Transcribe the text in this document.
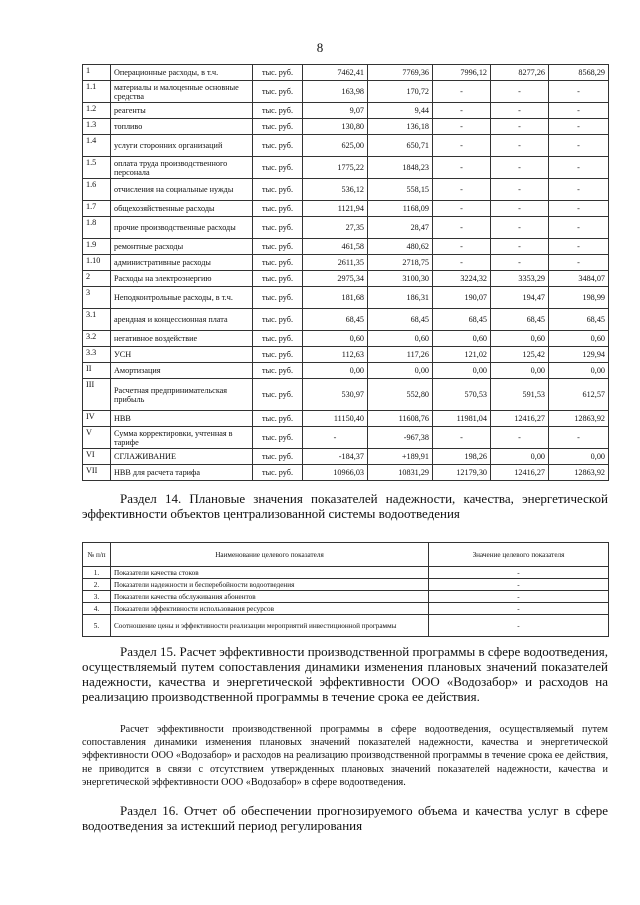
8
1	Операционные расходы, в т.ч.	тыс. руб.	7462,41	7769,36	7996,12	8277,26	8568,29
1.1	материалы и малоценные основные средства	тыс. руб.	163,98	170,72	-	-	-
1.2	реагенты	тыс. руб.	9,07	9,44	-	-	-
1.3	топливо	тыс. руб.	130,80	136,18	-	-	-
1.4	услуги сторонних организаций	тыс. руб.	625,00	650,71	-	-	-
1.5	оплата труда производственного персонала	тыс. руб.	1775,22	1848,23	-	-	-
1.6	отчисления на социальные нужды	тыс. руб.	536,12	558,15	-	-	-
1.7	общехозяйственные расходы	тыс. руб.	1121,94	1168,09	-	-	-
1.8	прочие производственные расходы	тыс. руб.	27,35	28,47	-	-	-
1.9	ремонтные расходы	тыс. руб.	461,58	480,62	-	-	-
1.10	административные расходы	тыс. руб.	2611,35	2718,75	-	-	-
2	Расходы на электроэнергию	тыс. руб.	2975,34	3100,30	3224,32	3353,29	3484,07
3	Неподконтрольные расходы, в т.ч.	тыс. руб.	181,68	186,31	190,07	194,47	198,99
3.1	арендная и концессионная плата	тыс. руб.	68,45	68,45	68,45	68,45	68,45
3.2	негативное воздействие	тыс. руб.	0,60	0,60	0,60	0,60	0,60
3.3	УСН	тыс. руб.	112,63	117,26	121,02	125,42	129,94
II	Амортизация	тыс. руб.	0,00	0,00	0,00	0,00	0,00
III	Расчетная предпринимательская прибыль	тыс. руб.	530,97	552,80	570,53	591,53	612,57
IV	НВВ	тыс. руб.	11150,40	11608,76	11981,04	12416,27	12863,92
V	Сумма корректировки, учтенная в тарифе	тыс. руб.	-	-967,38	-	-	-
VI	СГЛАЖИВАНИЕ	тыс. руб.	-184,37	+189,91	198,26	0,00	0,00
VII	НВВ для расчета тарифа	тыс. руб.	10966,03	10831,29	12179,30	12416,27	12863,92
Раздел 14. Плановые значения показателей надежности, качества, энергетической эффективности объектов централизованной системы водоотведения
№ п/п	Наименование целевого показателя	Значение целевого показателя
1.	Показатели качества стоков	-
2.	Показатели надежности и бесперебойности водоотведения	-
3.	Показатели качества обслуживания абонентов	-
4.	Показатели эффективности использования ресурсов	-
5.	Соотношение цены и эффективности реализации мероприятий инвестиционной программы	-
Раздел 15. Расчет эффективности производственной программы в сфере водоотведения, осуществляемый путем сопоставления динамики изменения плановых значений показателей надежности, качества и энергетической эффективности ООО «Водозабор» и расходов на реализацию производственной программы в течение срока ее действия.
Расчет эффективности производственной программы в сфере водоотведения, осуществляемый путем сопоставления динамики изменения плановых значений показателей надежности, качества и энергетической эффективности ООО «Водозабор» и расходов на реализацию производственной программы в течение срока ее действия, не приводится в связи с отсутствием утвержденных плановых значений показателей надежности, качества и энергетической эффективности ООО «Водозабор» в сфере водоотведения.
Раздел 16. Отчет об обеспечении прогнозируемого объема и качества услуг в сфере водоотведения за истекший период регулирования
